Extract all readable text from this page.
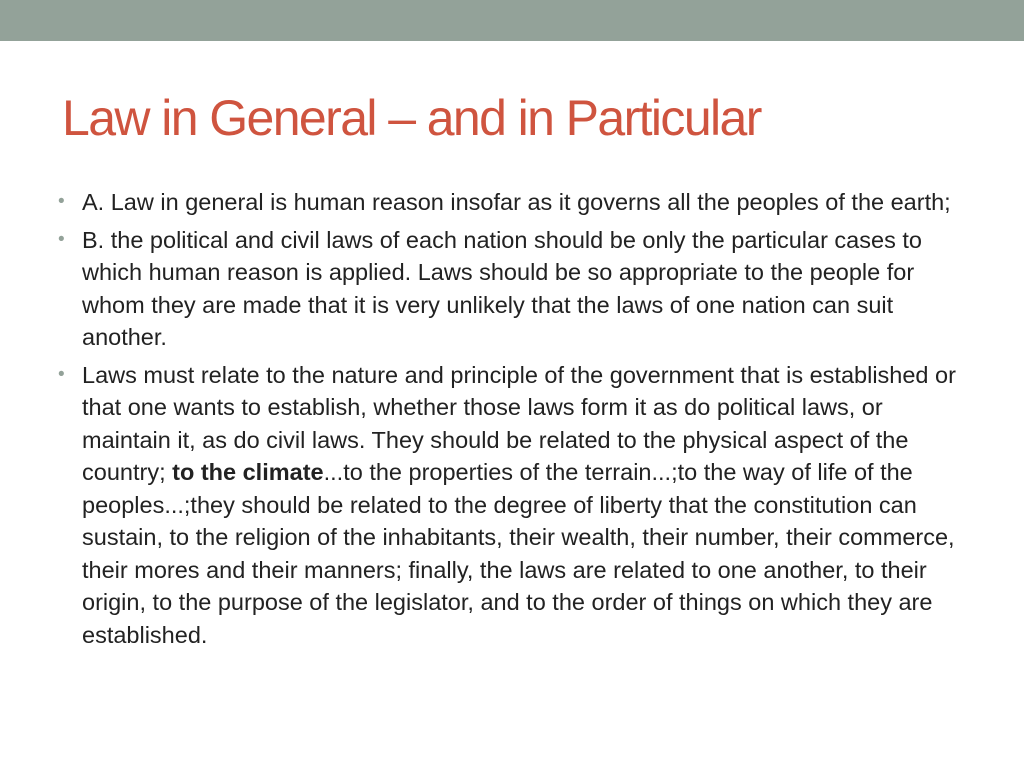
Law in General – and in Particular
• A. Law in general is human reason insofar as it governs all the peoples of the earth;
• B. the political and civil laws of each nation should be only the particular cases to which human reason is applied. Laws should be so appropriate to the people for whom they are made that it is very unlikely that the laws of one nation can suit another.
• Laws must relate to the nature and principle of the government that is established or that one wants to establish, whether those laws form it as do political laws, or maintain it, as do civil laws. They should be related to the physical aspect of the country; to the climate...to the properties of the terrain...;to the way of life of the peoples...;they should be related to the degree of liberty that the constitution can sustain, to the religion of the inhabitants, their wealth, their number, their commerce, their mores and their manners; finally, the laws are related to one another, to their origin, to the purpose of the legislator, and to the order of things on which they are established.
